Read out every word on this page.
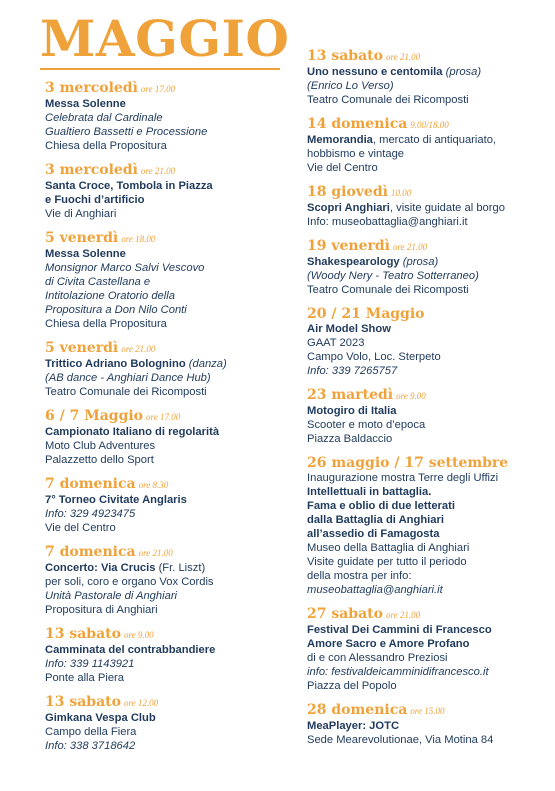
MAGGIO
3 mercoledì ore 17.00
Messa Solenne
Celebrata dal Cardinale
Gualtiero Bassetti e Processione
Chiesa della Propositura
3 mercoledì ore 21.00
Santa Croce, Tombola in Piazza
e Fuochi d’artificio
Vie di Anghiari
5 venerdì ore 18.00
Messa Solenne
Monsignor Marco Salvi Vescovo
di Civita Castellana e
Intitolazione Oratorio della
Propositura a Don Nilo Conti
Chiesa della Propositura
5 venerdì ore 21.00
Trittico Adriano Bolognino (danza)
(AB dance - Anghiari Dance Hub)
Teatro Comunale dei Ricomposti
6 / 7 Maggio ore 17.00
Campionato Italiano di regolarità
Moto Club Adventures
Palazzetto dello Sport
7 domenica ore 8.30
7° Torneo Civitate Anglaris
Info: 329 4923475
Vie del Centro
7 domenica ore 21.00
Concerto: Via Crucis (Fr. Liszt)
per soli, coro e organo Vox Cordis
Unità Pastorale di Anghiari
Propositura di Anghiari
13 sabato ore 9.00
Camminata del contrabbandiere
Info: 339 1143921
Ponte alla Piera
13 sabato ore 12.00
Gimkana Vespa Club
Campo della Fiera
Info: 338 3718642
13 sabato ore 21.00
Uno nessuno e centomila (prosa)
(Enrico Lo Verso)
Teatro Comunale dei Ricomposti
14 domenica 9.00/18.00
Memorandia, mercato di antiquariato,
hobbismo e vintage
Vie del Centro
18 giovedì 10.00
Scopri Anghiari, visite guidate al borgo
Info: museobattaglia@anghiari.it
19 venerdì ore 21.00
Shakespearology (prosa)
(Woody Nery - Teatro Sotterraneo)
Teatro Comunale dei Ricomposti
20 / 21 Maggio
Air Model Show
GAAT 2023
Campo Volo, Loc. Sterpeto
Info: 339 7265757
23 martedì ore 9.00
Motogiro di Italia
Scooter e moto d’epoca
Piazza Baldaccio
26 maggio / 17 settembre
Inaugurazione mostra Terre degli Uffizi
Intellettuali in battaglia.
Fama e oblio di due letterati
dalla Battaglia di Anghiari
all’assedio di Famagosta
Museo della Battaglia di Anghiari
Visite guidate per tutto il periodo
della mostra per info:
museobattaglia@anghiari.it
27 sabato ore 21.00
Festival Dei Cammini di Francesco
Amore Sacro e Amore Profano
di e con Alessandro Preziosi
info: festivaldeicamminidifrancesco.it
Piazza del Popolo
28 domenica ore 15.00
MeaPlayer: JOTC
Sede Mearevolutionae, Via Motina 84
